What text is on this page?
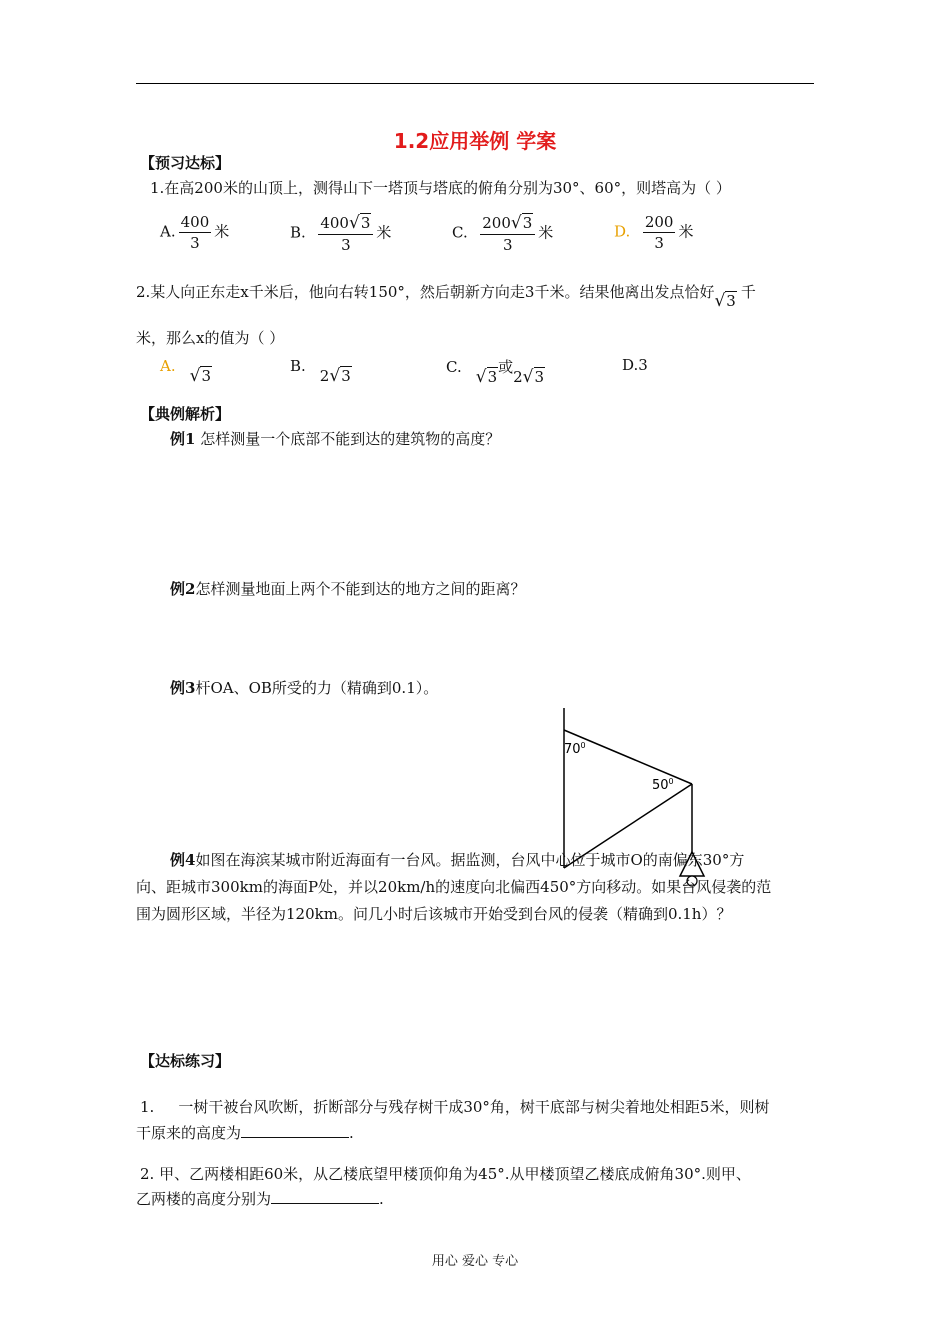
1.2应用举例 学案
【预习达标】
1.在高200米的山顶上，测得山下一塔顶与塔底的俯角分别为30°、60°，则塔高为（ ）
A. $\frac{400}{3}$ 米	B. $\frac{400√3}{3}$ 米	C. $\frac{200√3}{3}$ 米	D. $\frac{200}{3}$ 米
2.某人向正东走x千米后，他向右转150°，然后朝新方向走3千米。结果他离出发点恰好√3 千
米，那么x的值为（ ）
A. √3
B.2√3	C. √3或2√3
D.3
【典例解析】
例1 怎样测量一个底部不能到达的建筑物的高度？
例2怎样测量地面上两个不能到达的地方之间的距离？
例3杆OA、OB所受的力（精确到0.1）。
$70^0$
$50^0$
例4如图在海滨某城市附近海面有一台风。据监测，台风中心位于城市O的南偏东30°方
向、距城市300km的海面P处，并以20km/h的速度向北偏西450°方向移动。如果台风侵袭的范
围为圆形区域，半径为120km。问几小时后该城市开始受到台风的侵袭（精确到0.1h）？
【达标练习】
1. 一树干被台风吹断，折断部分与残存树干成30°角，树干底部与树尖着地处相距5米，则树
干原来的高度为	.
2. 甲、乙两楼相距60米，从乙楼底望甲楼顶仰角为45°.从甲楼顶望乙楼底成俯角30°.则甲、
乙两楼的高度分别为	.
用心 爱心 专心
